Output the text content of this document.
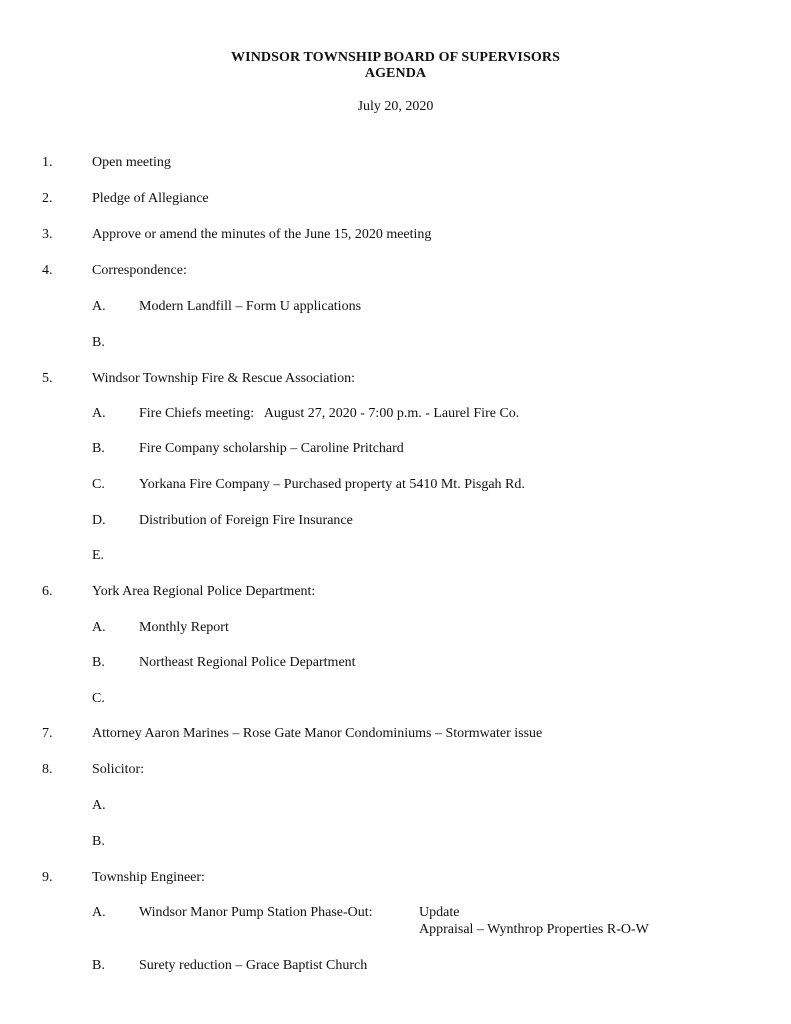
WINDSOR TOWNSHIP BOARD OF SUPERVISORS
AGENDA
July 20, 2020
1.	Open meeting
2.	Pledge of Allegiance
3.	Approve or amend the minutes of the June 15, 2020 meeting
4.	Correspondence:
A. Modern Landfill – Form U applications
B.
5.	Windsor Township Fire & Rescue Association:
A. Fire Chiefs meeting:   August 27, 2020 - 7:00 p.m. - Laurel Fire Co.
B. Fire Company scholarship – Caroline Pritchard
C. Yorkana Fire Company – Purchased property at 5410 Mt. Pisgah Rd.
D. Distribution of Foreign Fire Insurance
E.
6.	York Area Regional Police Department:
A. Monthly Report
B. Northeast Regional Police Department
C.
7.	Attorney Aaron Marines – Rose Gate Manor Condominiums – Stormwater issue
8.	Solicitor:
A.
B.
9.	Township Engineer:
A. Windsor Manor Pump Station Phase-Out:	Update
Appraisal – Wynthrop Properties R-O-W
B. Surety reduction – Grace Baptist Church
